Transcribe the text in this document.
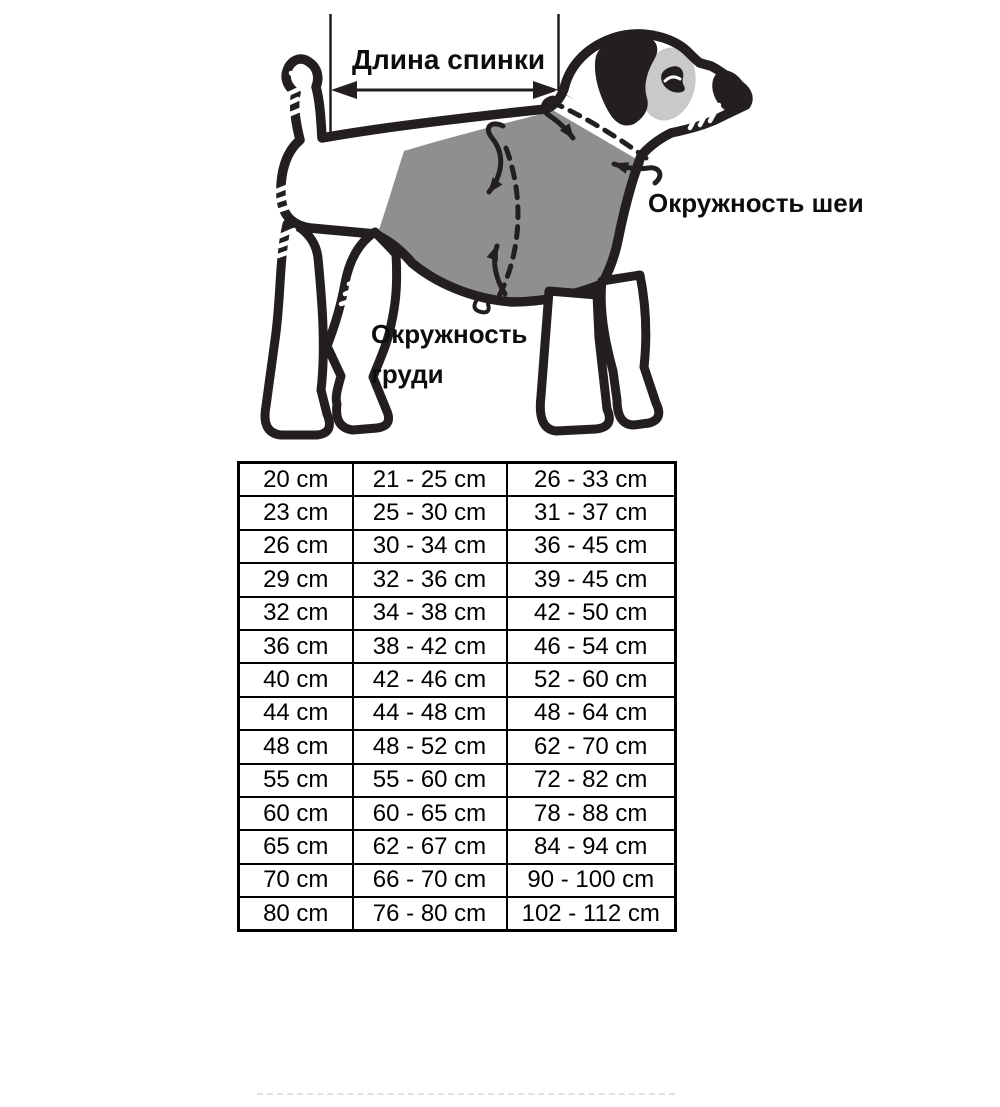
Длина спинки
Окружность шеи
Окружность
груди
20 cm	21 - 25 cm	26 - 33 cm
23 cm	25 - 30 cm	31 - 37 cm
26 cm	30 - 34 cm	36 - 45 cm
29 cm	32 - 36 cm	39 - 45 cm
32 cm	34 - 38 cm	42 - 50 cm
36 cm	38 - 42 cm	46 - 54 cm
40 cm	42 - 46 cm	52 - 60 cm
44 cm	44 - 48 cm	48 - 64 cm
48 cm	48 - 52 cm	62 - 70 cm
55 cm	55 - 60 cm	72 - 82 cm
60 cm	60 - 65 cm	78 - 88 cm
65 cm	62 - 67 cm	84 - 94 cm
70 cm	66 - 70 cm	90 - 100 cm
80 cm	76 - 80 cm	102 - 112 cm
